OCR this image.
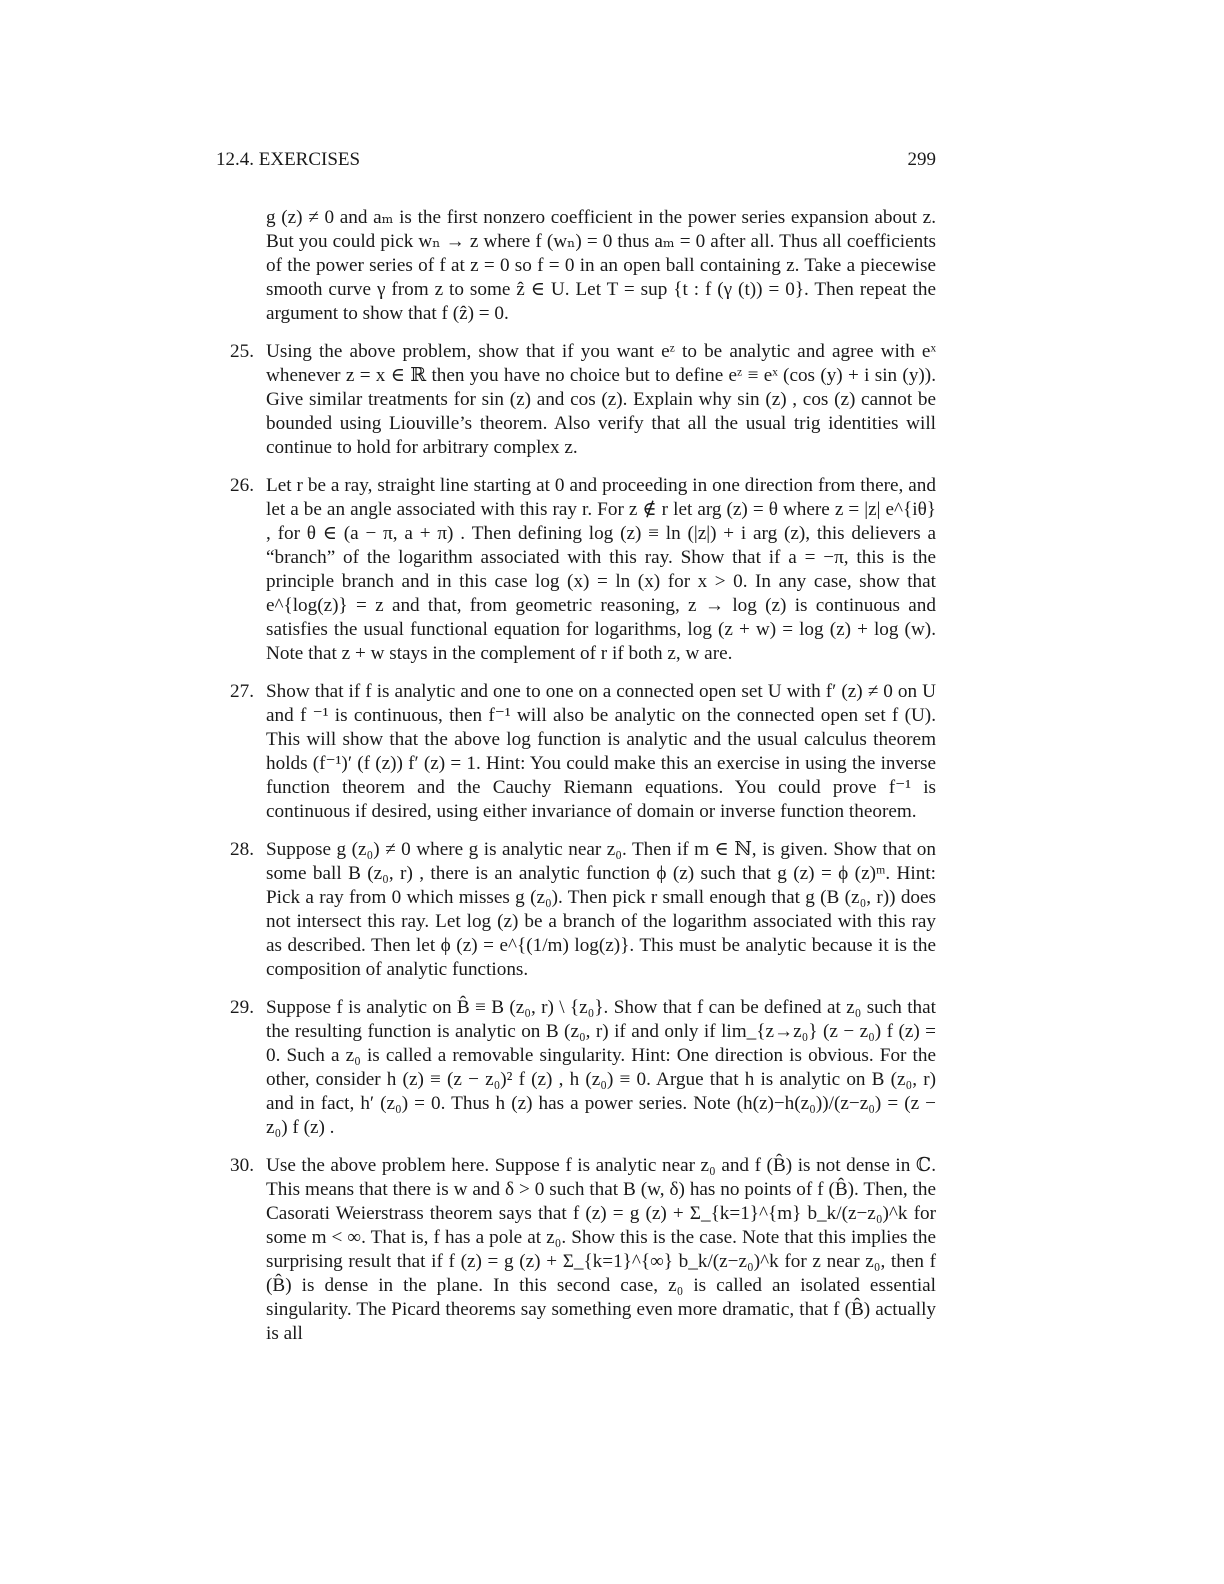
12.4. EXERCISES	299

g (z) ≠ 0 and aₘ is the first nonzero coefficient in the power series expansion about z. But you could pick wₙ → z where f (wₙ) = 0 thus aₘ = 0 after all. Thus all coefficients of the power series of f at z = 0 so f = 0 in an open ball containing z. Take a piecewise smooth curve γ from z to some ẑ ∈ U. Let T = sup {t : f (γ (t)) = 0}. Then repeat the argument to show that f (ẑ) = 0.

25. Using the above problem, show that if you want eᶻ to be analytic and agree with eˣ whenever z = x ∈ ℝ then you have no choice but to define eᶻ ≡ eˣ (cos (y) + i sin (y)). Give similar treatments for sin (z) and cos (z). Explain why sin (z) , cos (z) cannot be bounded using Liouville’s theorem. Also verify that all the usual trig identities will continue to hold for arbitrary complex z.
26. Let r be a ray, straight line starting at 0 and proceeding in one direction from there, and let a be an angle associated with this ray r. For z ∉ r let arg (z) = θ where z = |z| e^{iθ} , for θ ∈ (a − π, a + π) . Then defining log (z) ≡ ln (|z|) + i arg (z), this delievers a “branch” of the logarithm associated with this ray. Show that if a = −π, this is the principle branch and in this case log (x) = ln (x) for x > 0. In any case, show that e^{log(z)} = z and that, from geometric reasoning, z → log (z) is continuous and satisfies the usual functional equation for logarithms, log (z + w) = log (z) + log (w). Note that z + w stays in the complement of r if both z, w are.
27. Show that if f is analytic and one to one on a connected open set U with f′ (z) ≠ 0 on U and f ⁻¹ is continuous, then f⁻¹ will also be analytic on the connected open set f (U). This will show that the above log function is analytic and the usual calculus theorem holds (f⁻¹)′ (f (z)) f′ (z) = 1. Hint: You could make this an exercise in using the inverse function theorem and the Cauchy Riemann equations. You could prove f⁻¹ is continuous if desired, using either invariance of domain or inverse function theorem.
28. Suppose g (z₀) ≠ 0 where g is analytic near z₀. Then if m ∈ ℕ, is given. Show that on some ball B (z₀, r) , there is an analytic function ϕ (z) such that g (z) = ϕ (z)ᵐ. Hint: Pick a ray from 0 which misses g (z₀). Then pick r small enough that g (B (z₀, r)) does not intersect this ray. Let log (z) be a branch of the logarithm associated with this ray as described. Then let ϕ (z) = e^{(1/m) log(z)}. This must be analytic because it is the composition of analytic functions.
29. Suppose f is analytic on B̂ ≡ B (z₀, r) \ {z₀}. Show that f can be defined at z₀ such that the resulting function is analytic on B (z₀, r) if and only if lim_{z→z₀} (z − z₀) f (z) = 0. Such a z₀ is called a removable singularity. Hint: One direction is obvious. For the other, consider h (z) ≡ (z − z₀)² f (z) , h (z₀) ≡ 0. Argue that h is analytic on B (z₀, r) and in fact, h′ (z₀) = 0. Thus h (z) has a power series. Note (h(z)−h(z₀))/(z−z₀) = (z − z₀) f (z) .
30. Use the above problem here. Suppose f is analytic near z₀ and f (B̂) is not dense in ℂ. This means that there is w and δ > 0 such that B (w, δ) has no points of f (B̂). Then, the Casorati Weierstrass theorem says that f (z) = g (z) + Σ_{k=1}^{m} b_k/(z−z₀)^k for some m < ∞. That is, f has a pole at z₀. Show this is the case. Note that this implies the surprising result that if f (z) = g (z) + Σ_{k=1}^{∞} b_k/(z−z₀)^k for z near z₀, then f (B̂) is dense in the plane. In this second case, z₀ is called an isolated essential singularity. The Picard theorems say something even more dramatic, that f (B̂) actually is all
